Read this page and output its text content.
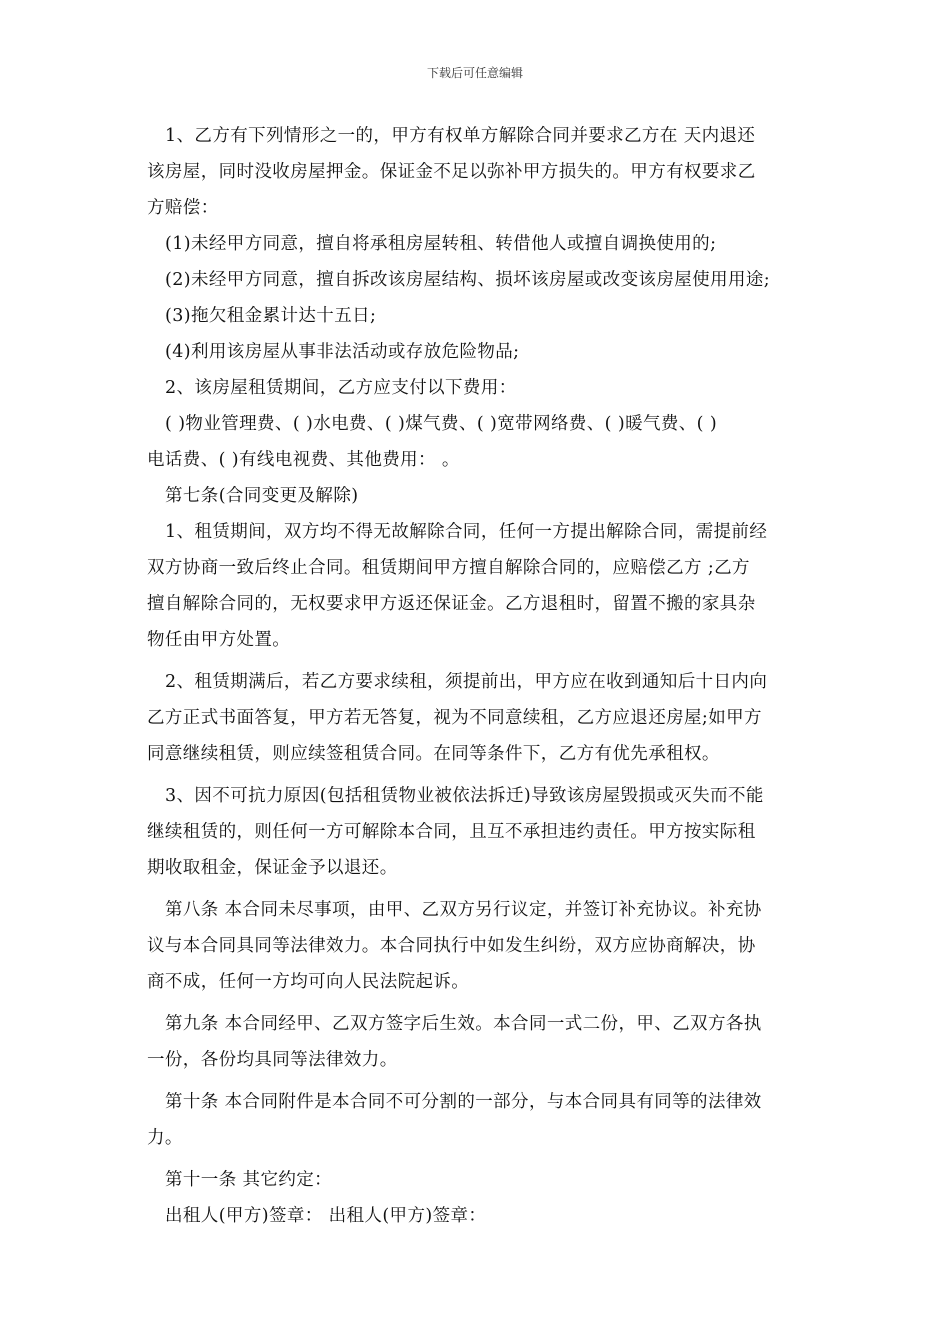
下载后可任意编辑
1、乙方有下列情形之一的，甲方有权单方解除合同并要求乙方在 天内退还
该房屋，同时没收房屋押金。保证金不足以弥补甲方损失的。甲方有权要求乙
方赔偿：
(1)未经甲方同意，擅自将承租房屋转租、转借他人或擅自调换使用的;
(2)未经甲方同意，擅自拆改该房屋结构、损坏该房屋或改变该房屋使用用途;
(3)拖欠租金累计达十五日;
(4)利用该房屋从事非法活动或存放危险物品;
2、该房屋租赁期间，乙方应支付以下费用：
( )物业管理费、( )水电费、( )煤气费、( )宽带网络费、( )暖气费、( )
电话费、( )有线电视费、其他费用： 。
第七条(合同变更及解除)
1、租赁期间，双方均不得无故解除合同，任何一方提出解除合同，需提前经
双方协商一致后终止合同。租赁期间甲方擅自解除合同的，应赔偿乙方 ;乙方
擅自解除合同的，无权要求甲方返还保证金。乙方退租时，留置不搬的家具杂
物任由甲方处置。
2、租赁期满后，若乙方要求续租，须提前出，甲方应在收到通知后十日内向
乙方正式书面答复，甲方若无答复，视为不同意续租，乙方应退还房屋;如甲方
同意继续租赁，则应续签租赁合同。在同等条件下，乙方有优先承租权。
3、因不可抗力原因(包括租赁物业被依法拆迁)导致该房屋毁损或灭失而不能
继续租赁的，则任何一方可解除本合同，且互不承担违约责任。甲方按实际租
期收取租金，保证金予以退还。
第八条 本合同未尽事项，由甲、乙双方另行议定，并签订补充协议。补充协
议与本合同具同等法律效力。本合同执行中如发生纠纷，双方应协商解决，协
商不成，任何一方均可向人民法院起诉。
第九条 本合同经甲、乙双方签字后生效。本合同一式二份，甲、乙双方各执
一份，各份均具同等法律效力。
第十条 本合同附件是本合同不可分割的一部分，与本合同具有同等的法律效
力。
第十一条 其它约定：
出租人(甲方)签章： 出租人(甲方)签章：
